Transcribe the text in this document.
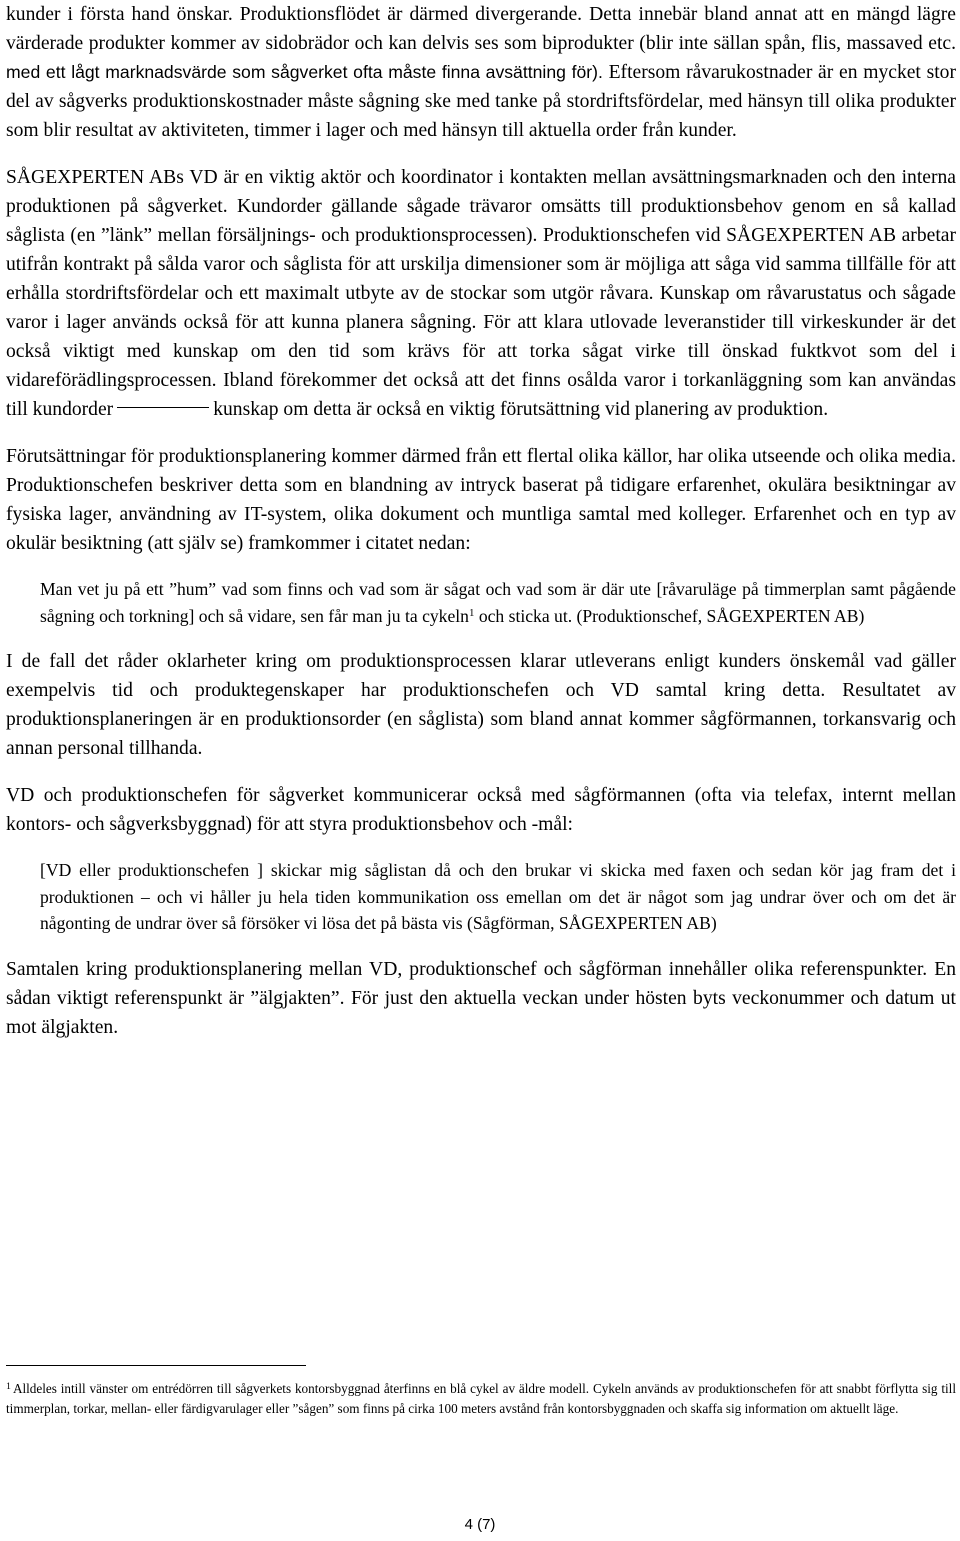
kunder i första hand önskar. Produktionsflödet är därmed divergerande. Detta innebär bland annat att en mängd lägre värderade produkter kommer av sidobrädor och kan delvis ses som biprodukter (blir inte sällan spån, flis, massaved etc. med ett lågt marknadsvärde som sågverket ofta måste finna avsättning för). Eftersom råvarukostnader är en mycket stor del av sågverks produktionskostnader måste sågning ske med tanke på stordriftsfördelar, med hänsyn till olika produkter som blir resultat av aktiviteten, timmer i lager och med hänsyn till aktuella order från kunder.

SÅGEXPERTEN ABs VD är en viktig aktör och koordinator i kontakten mellan avsättningsmarknaden och den interna produktionen på sågverket. Kundorder gällande sågade trävaror omsätts till produktionsbehov genom en så kallad såglista (en ”länk” mellan försäljnings- och produktionsprocessen). Produktionschefen vid SÅGEXPERTEN AB arbetar utifrån kontrakt på sålda varor och såglista för att urskilja dimensioner som är möjliga att såga vid samma tillfälle för att erhålla stordriftsfördelar och ett maximalt utbyte av de stockar som utgör råvara. Kunskap om råvarustatus och sågade varor i lager används också för att kunna planera sågning. För att klara utlovade leveranstider till virkeskunder är det också viktigt med kunskap om den tid som krävs för att torka sågat virke till önskad fuktkvot som del i vidareförädlingsprocessen. Ibland förekommer det också att det finns osålda varor i torkanläggning som kan användas till kundorder	kunskap om detta är också en viktig förutsättning vid planering av produktion.

Förutsättningar för produktionsplanering kommer därmed från ett flertal olika källor, har olika utseende och olika media. Produktionschefen beskriver detta som en blandning av intryck baserat på tidigare erfarenhet, okulära besiktningar av fysiska lager, användning av IT-system, olika dokument och muntliga samtal med kolleger. Erfarenhet och en typ av okulär besiktning (att själv se) framkommer i citatet nedan:

Man vet ju på ett ”hum” vad som finns och vad som är sågat och vad som är där ute [råvaruläge på timmerplan samt pågående sågning och torkning] och så vidare, sen får man ju ta cykeln$^1$ och sticka ut. (Produktionschef, SÅGEXPERTEN AB)

I de fall det råder oklarheter kring om produktionsprocessen klarar utleverans enligt kunders önskemål vad gäller exempelvis tid och produktegenskaper har produktionschefen och VD samtal kring detta. Resultatet av produktionsplaneringen är en produktionsorder (en såglista) som bland annat kommer sågförmannen, torkansvarig och annan personal tillhanda.

VD och produktionschefen för sågverket kommunicerar också med sågförmannen (ofta via telefax, internt mellan kontors- och sågverksbyggnad) för att styra produktionsbehov och -mål:

[VD eller produktionschefen ] skickar mig såglistan då och den brukar vi skicka med faxen och sedan kör jag fram det i produktionen – och vi håller ju hela tiden kommunikation oss emellan om det är något som jag undrar över och om det är någonting de undrar över så försöker vi lösa det på bästa vis (Sågförman, SÅGEXPERTEN AB)

Samtalen kring produktionsplanering mellan VD, produktionschef och sågförman innehåller olika referenspunkter. En sådan viktigt referenspunkt är ”älgjakten”. För just den aktuella veckan under hösten byts veckonummer och datum ut mot älgjakten.

$^1$ Alldeles intill vänster om entrédörren till sågverkets kontorsbyggnad återfinns en blå cykel av äldre modell. Cykeln används av produktionschefen för att snabbt förflytta sig till timmerplan, torkar, mellan- eller färdigvarulager eller ”sågen” som finns på cirka 100 meters avstånd från kontorsbyggnaden och skaffa sig information om aktuellt läge.
4 (7)
